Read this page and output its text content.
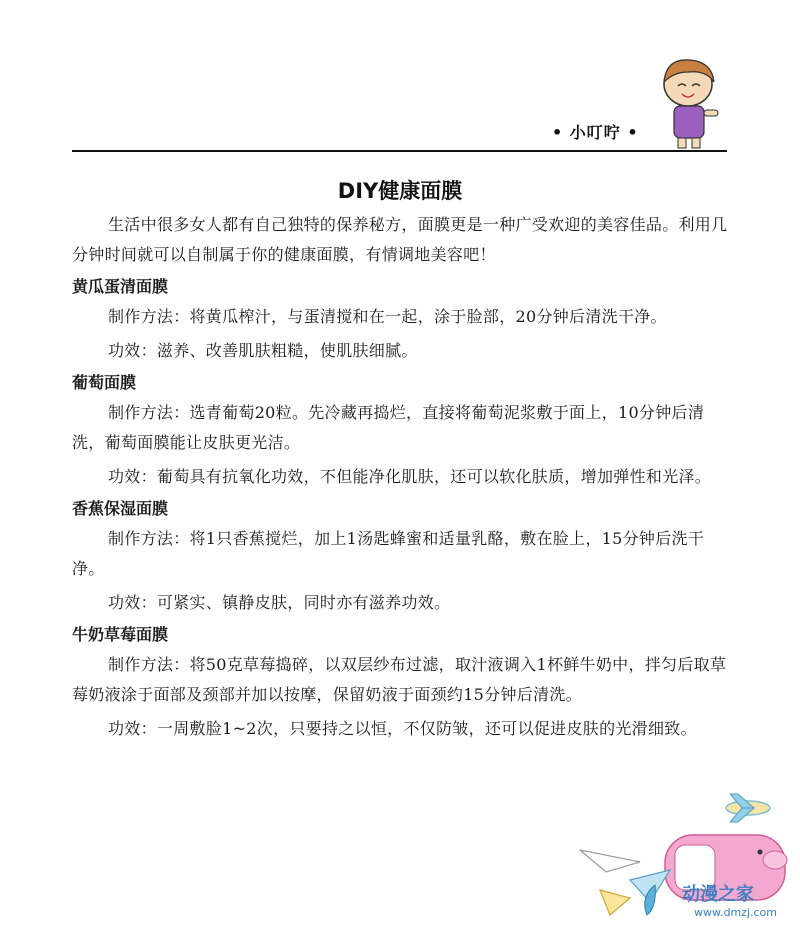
• 小叮咛 •
DIY健康面膜

生活中很多女人都有自己独特的保养秘方，面膜更是一种广受欢迎的美容佳品。利用几分钟时间就可以自制属于你的健康面膜，有情调地美容吧！

黄瓜蛋清面膜

制作方法：将黄瓜榨汁，与蛋清搅和在一起，涂于脸部，20分钟后清洗干净。

功效：滋养、改善肌肤粗糙，使肌肤细腻。

葡萄面膜

制作方法：选青葡萄20粒。先冷藏再捣烂，直接将葡萄泥浆敷于面上，10分钟后清洗，葡萄面膜能让皮肤更光洁。

功效：葡萄具有抗氧化功效，不但能净化肌肤，还可以软化肤质，增加弹性和光泽。

香蕉保湿面膜

制作方法：将1只香蕉搅烂，加上1汤匙蜂蜜和适量乳酪，敷在脸上，15分钟后洗干净。

功效：可紧实、镇静皮肤，同时亦有滋养功效。

牛奶草莓面膜

制作方法：将50克草莓捣碎，以双层纱布过滤，取汁液调入1杯鲜牛奶中，拌匀后取草莓奶液涂于面部及颈部并加以按摩，保留奶液于面颈约15分钟后清洗。

功效：一周敷脸1~2次，只要持之以恒，不仅防皱，还可以促进皮肤的光滑细致。

动漫之家
www.dmzj.com
